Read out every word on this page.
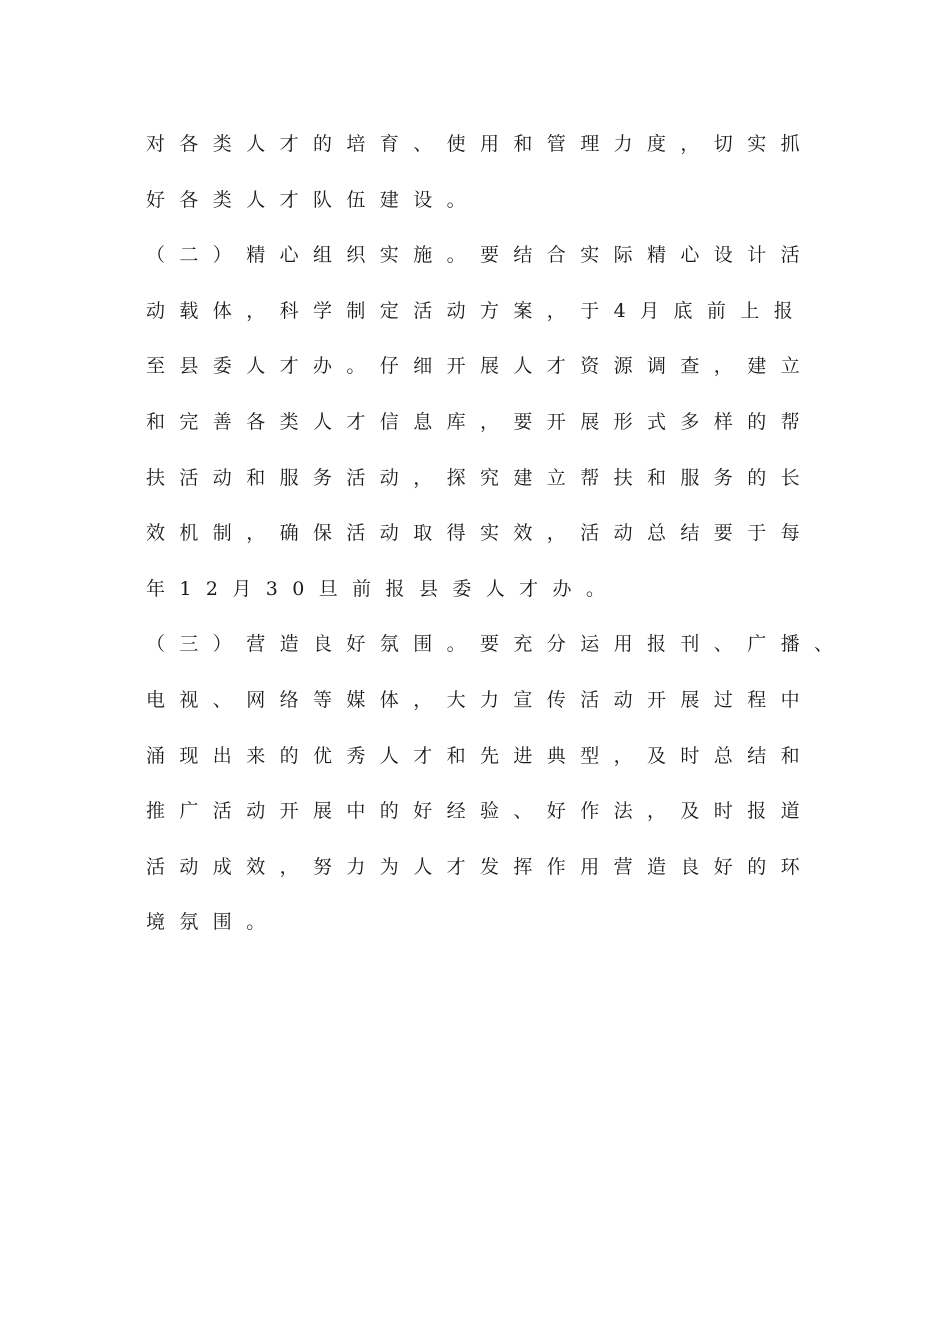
对各类人才的培育、使用和管理力度，切实抓
好各类人才队伍建设。
（二）精心组织实施。要结合实际精心设计活
动载体，科学制定活动方案，于4月底前上报
至县委人才办。仔细开展人才资源调查，建立
和完善各类人才信息库，要开展形式多样的帮
扶活动和服务活动，探究建立帮扶和服务的长
效机制，确保活动取得实效，活动总结要于每
年12月30旦前报县委人才办。
（三）营造良好氛围。要充分运用报刊、广播、
电视、网络等媒体，大力宣传活动开展过程中
涌现出来的优秀人才和先进典型，及时总结和
推广活动开展中的好经验、好作法，及时报道
活动成效，努力为人才发挥作用营造良好的环
境氛围。
